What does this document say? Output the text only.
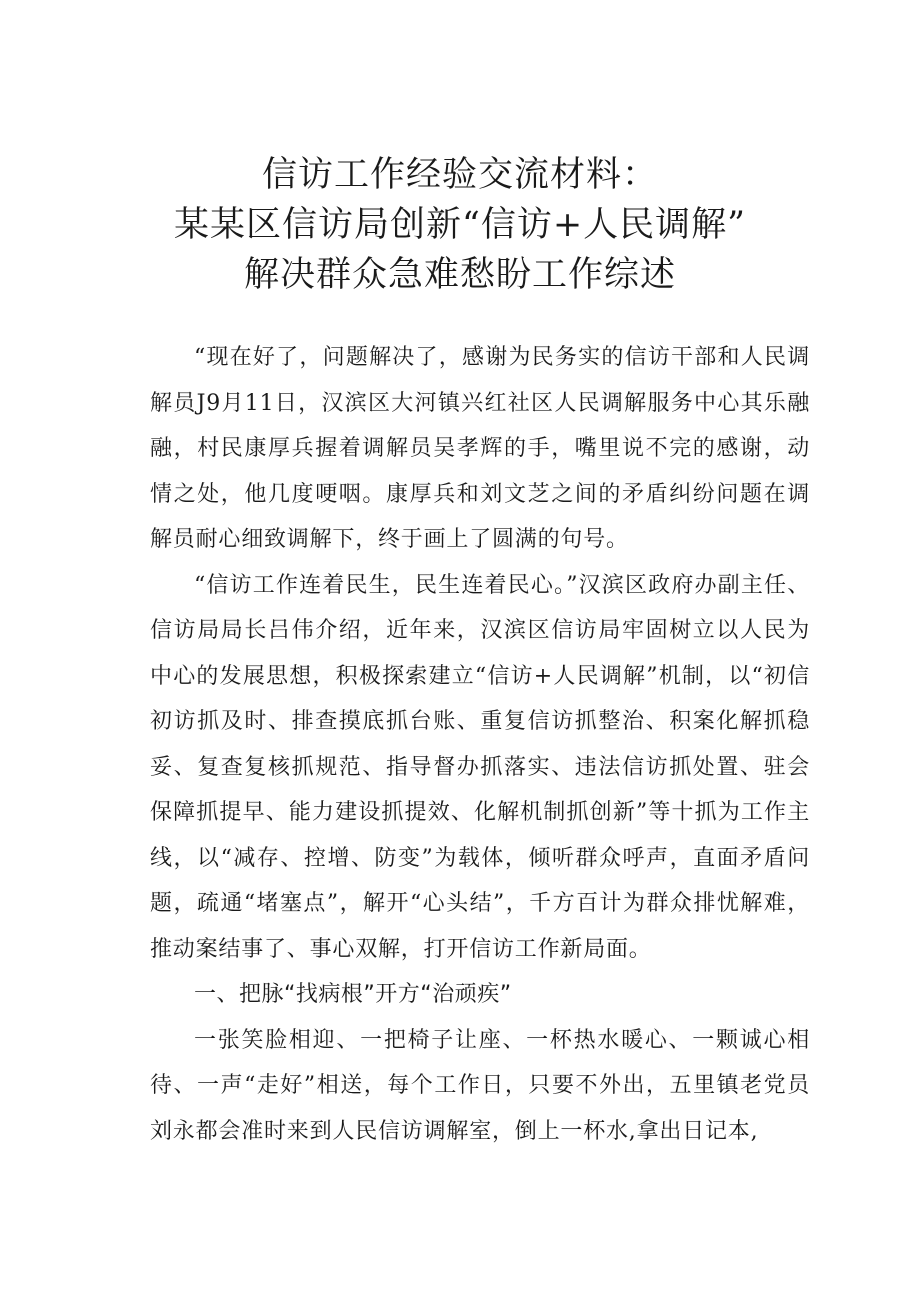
信访工作经验交流材料：
某某区信访局创新“信访+人民调解”
解决群众急难愁盼工作综述

“现在好了，问题解决了，感谢为民务实的信访干部和人民调解员J9月11日，汉滨区大河镇兴红社区人民调解服务中心其乐融融，村民康厚兵握着调解员吴孝辉的手，嘴里说不完的感谢，动情之处，他几度哽咽。康厚兵和刘文芝之间的矛盾纠纷问题在调解员耐心细致调解下，终于画上了圆满的句号。

“信访工作连着民生，民生连着民心。”汉滨区政府办副主任、信访局局长吕伟介绍，近年来，汉滨区信访局牢固树立以人民为中心的发展思想，积极探索建立“信访+人民调解”机制，以“初信初访抓及时、排查摸底抓台账、重复信访抓整治、积案化解抓稳妥、复查复核抓规范、指导督办抓落实、违法信访抓处置、驻会保障抓提早、能力建设抓提效、化解机制抓创新”等十抓为工作主线，以“减存、控增、防变”为载体，倾听群众呼声，直面矛盾问题，疏通“堵塞点”，解开“心头结”，千方百计为群众排忧解难，推动案结事了、事心双解，打开信访工作新局面。

一、把脉“找病根”开方“治顽疾”

一张笑脸相迎、一把椅子让座、一杯热水暖心、一颗诚心相待、一声“走好”相送，每个工作日，只要不外出，五里镇老党员刘永都会准时来到人民信访调解室，倒上一杯水,拿出日记本,
